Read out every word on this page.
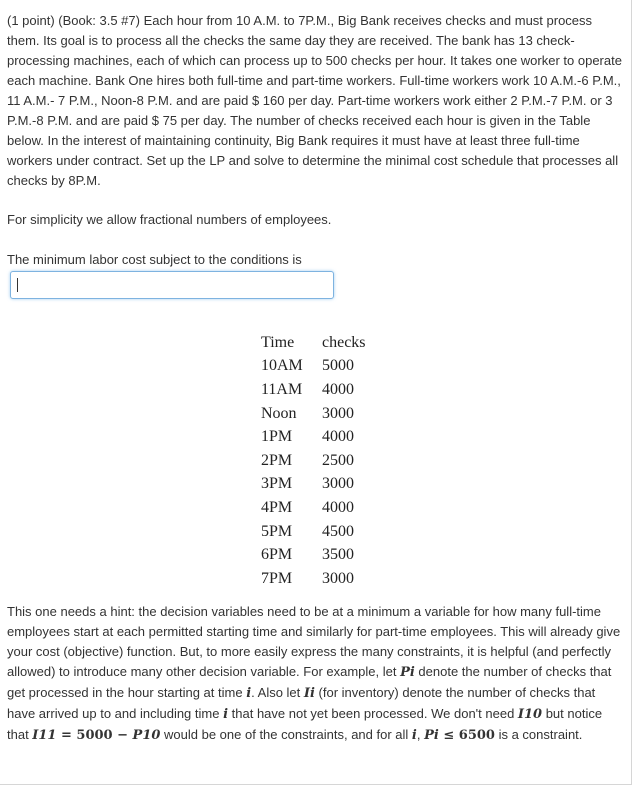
(1 point) (Book: 3.5 #7) Each hour from 10 A.M. to 7P.M., Big Bank receives checks and must process them. Its goal is to process all the checks the same day they are received. The bank has 13 check-processing machines, each of which can process up to 500 checks per hour. It takes one worker to operate each machine. Bank One hires both full-time and part-time workers. Full-time workers work 10 A.M.-6 P.M., 11 A.M.- 7 P.M., Noon-8 P.M. and are paid $ 160 per day. Part-time workers work either 2 P.M.-7 P.M. or 3 P.M.-8 P.M. and are paid $ 75 per day. The number of checks received each hour is given in the Table below. In the interest of maintaining continuity, Big Bank requires it must have at least three full-time workers under contract. Set up the LP and solve to determine the minimal cost schedule that processes all checks by 8P.M.

For simplicity we allow fractional numbers of employees.

The minimum labor cost subject to the conditions is

Time	checks
10AM	5000
11AM	4000
Noon	3000
1PM	4000
2PM	2500
3PM	3000
4PM	4000
5PM	4500
6PM	3500
7PM	3000

This one needs a hint: the decision variables need to be at a minimum a variable for how many full-time employees start at each permitted starting time and similarly for part-time employees. This will already give your cost (objective) function. But, to more easily express the many constraints, it is helpful (and perfectly allowed) to introduce many other decision variable. For example, let Pi denote the number of checks that get processed in the hour starting at time i. Also let Ii (for inventory) denote the number of checks that have arrived up to and including time i that have not yet been processed. We don't need I10 but notice that I11 = 5000 − P10 would be one of the constraints, and for all i, Pi ≤ 6500 is a constraint.
